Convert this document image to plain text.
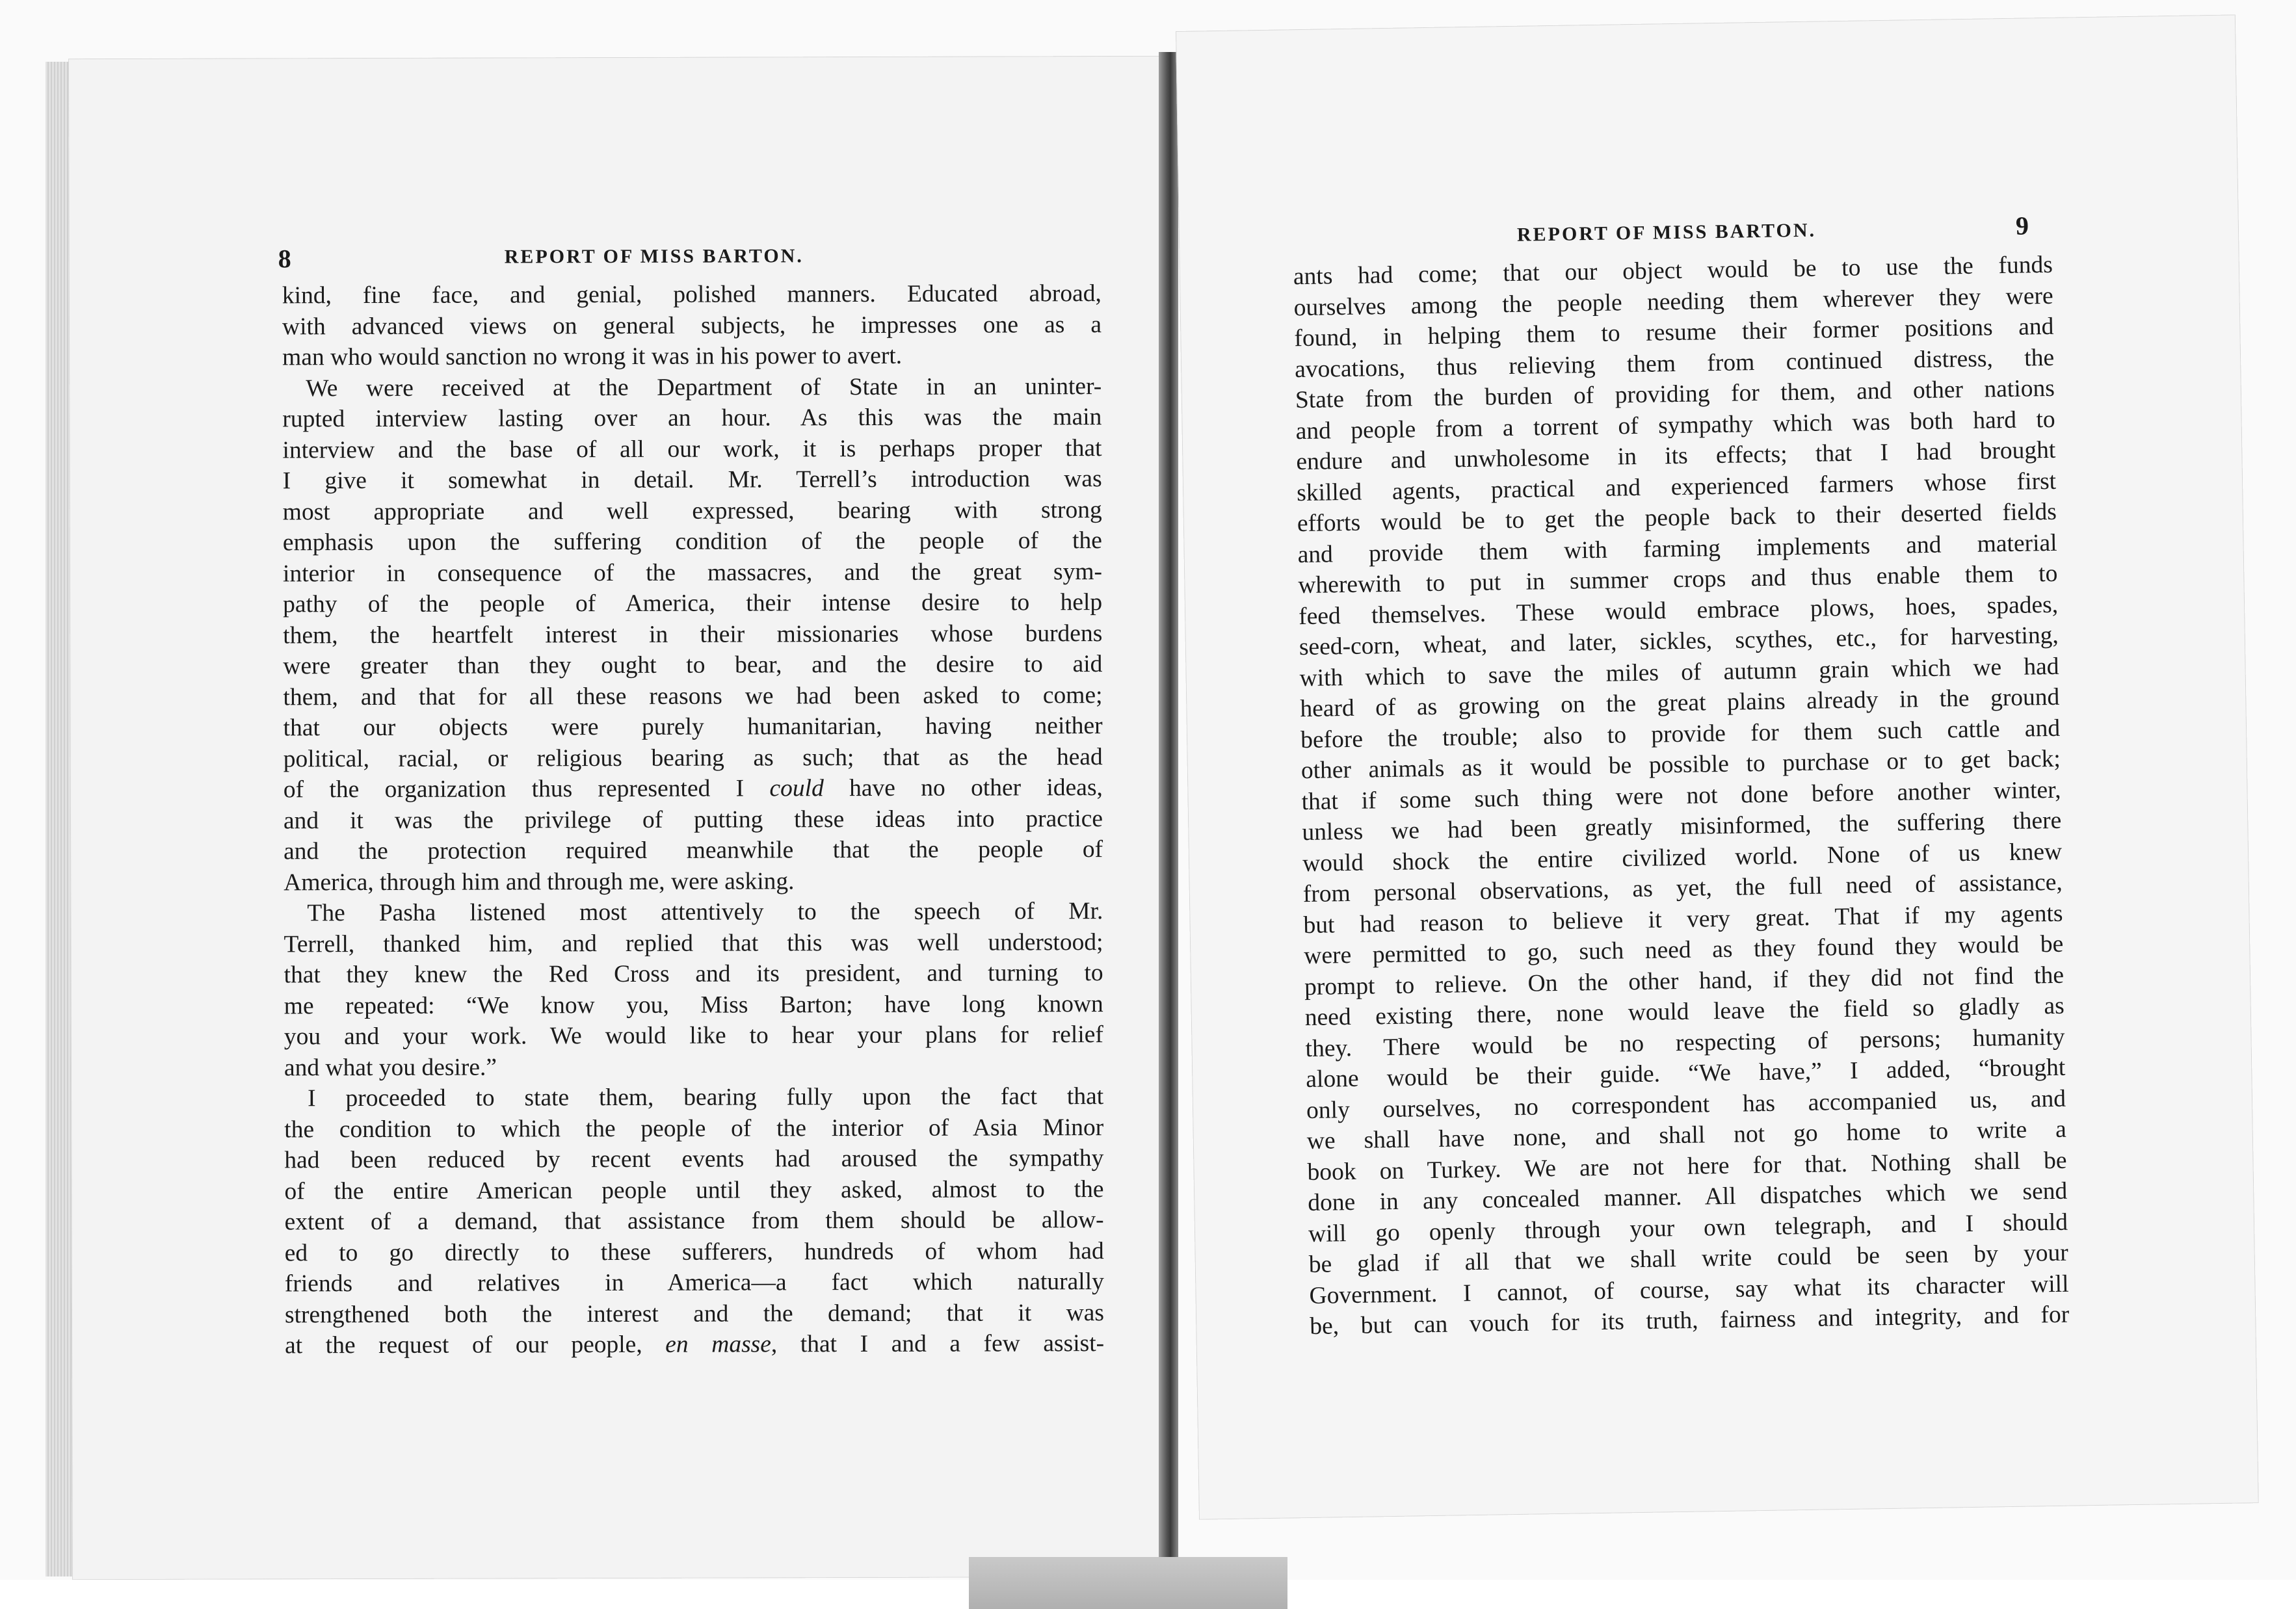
8	REPORT OF MISS BARTON.
kind, fine face, and genial, polished manners. Educated abroad,
with advanced views on general subjects, he impresses one as a
man who would sanction no wrong it was in his power to avert.
We were received at the Department of State in an uninter-
rupted interview lasting over an hour. As this was the main
interview and the base of all our work, it is perhaps proper that
I give it somewhat in detail. Mr. Terrell’s introduction was
most appropriate and well expressed, bearing with strong
emphasis upon the suffering condition of the people of the
interior in consequence of the massacres, and the great sym-
pathy of the people of America, their intense desire to help
them, the heartfelt interest in their missionaries whose burdens
were greater than they ought to bear, and the desire to aid
them, and that for all these reasons we had been asked to come;
that our objects were purely humanitarian, having neither
political, racial, or religious bearing as such; that as the head
of the organization thus represented I could have no other ideas,
and it was the privilege of putting these ideas into practice
and the protection required meanwhile that the people of
America, through him and through me, were asking.
The Pasha listened most attentively to the speech of Mr.
Terrell, thanked him, and replied that this was well understood;
that they knew the Red Cross and its president, and turning to
me repeated: “We know you, Miss Barton; have long known
you and your work. We would like to hear your plans for relief
and what you desire.”
I proceeded to state them, bearing fully upon the fact that
the condition to which the people of the interior of Asia Minor
had been reduced by recent events had aroused the sympathy
of the entire American people until they asked, almost to the
extent of a demand, that assistance from them should be allow-
ed to go directly to these sufferers, hundreds of whom had
friends and relatives in America—a fact which naturally
strengthened both the interest and the demand; that it was
at the request of our people, en masse, that I and a few assist-
REPORT OF MISS BARTON.	9
ants had come; that our object would be to use the funds
ourselves among the people needing them wherever they were
found, in helping them to resume their former positions and
avocations, thus relieving them from continued distress, the
State from the burden of providing for them, and other nations
and people from a torrent of sympathy which was both hard to
endure and unwholesome in its effects; that I had brought
skilled agents, practical and experienced farmers whose first
efforts would be to get the people back to their deserted fields
and provide them with farming implements and material
wherewith to put in summer crops and thus enable them to
feed themselves. These would embrace plows, hoes, spades,
seed-corn, wheat, and later, sickles, scythes, etc., for harvesting,
with which to save the miles of autumn grain which we had
heard of as growing on the great plains already in the ground
before the trouble; also to provide for them such cattle and
other animals as it would be possible to purchase or to get back;
that if some such thing were not done before another winter,
unless we had been greatly misinformed, the suffering there
would shock the entire civilized world. None of us knew
from personal observations, as yet, the full need of assistance,
but had reason to believe it very great. That if my agents
were permitted to go, such need as they found they would be
prompt to relieve. On the other hand, if they did not find the
need existing there, none would leave the field so gladly as
they. There would be no respecting of persons; humanity
alone would be their guide. “We have,” I added, “brought
only ourselves, no correspondent has accompanied us, and
we shall have none, and shall not go home to write a
book on Turkey. We are not here for that. Nothing shall be
done in any concealed manner. All dispatches which we send
will go openly through your own telegraph, and I should
be glad if all that we shall write could be seen by your
Government. I cannot, of course, say what its character will
be, but can vouch for its truth, fairness and integrity, and for
